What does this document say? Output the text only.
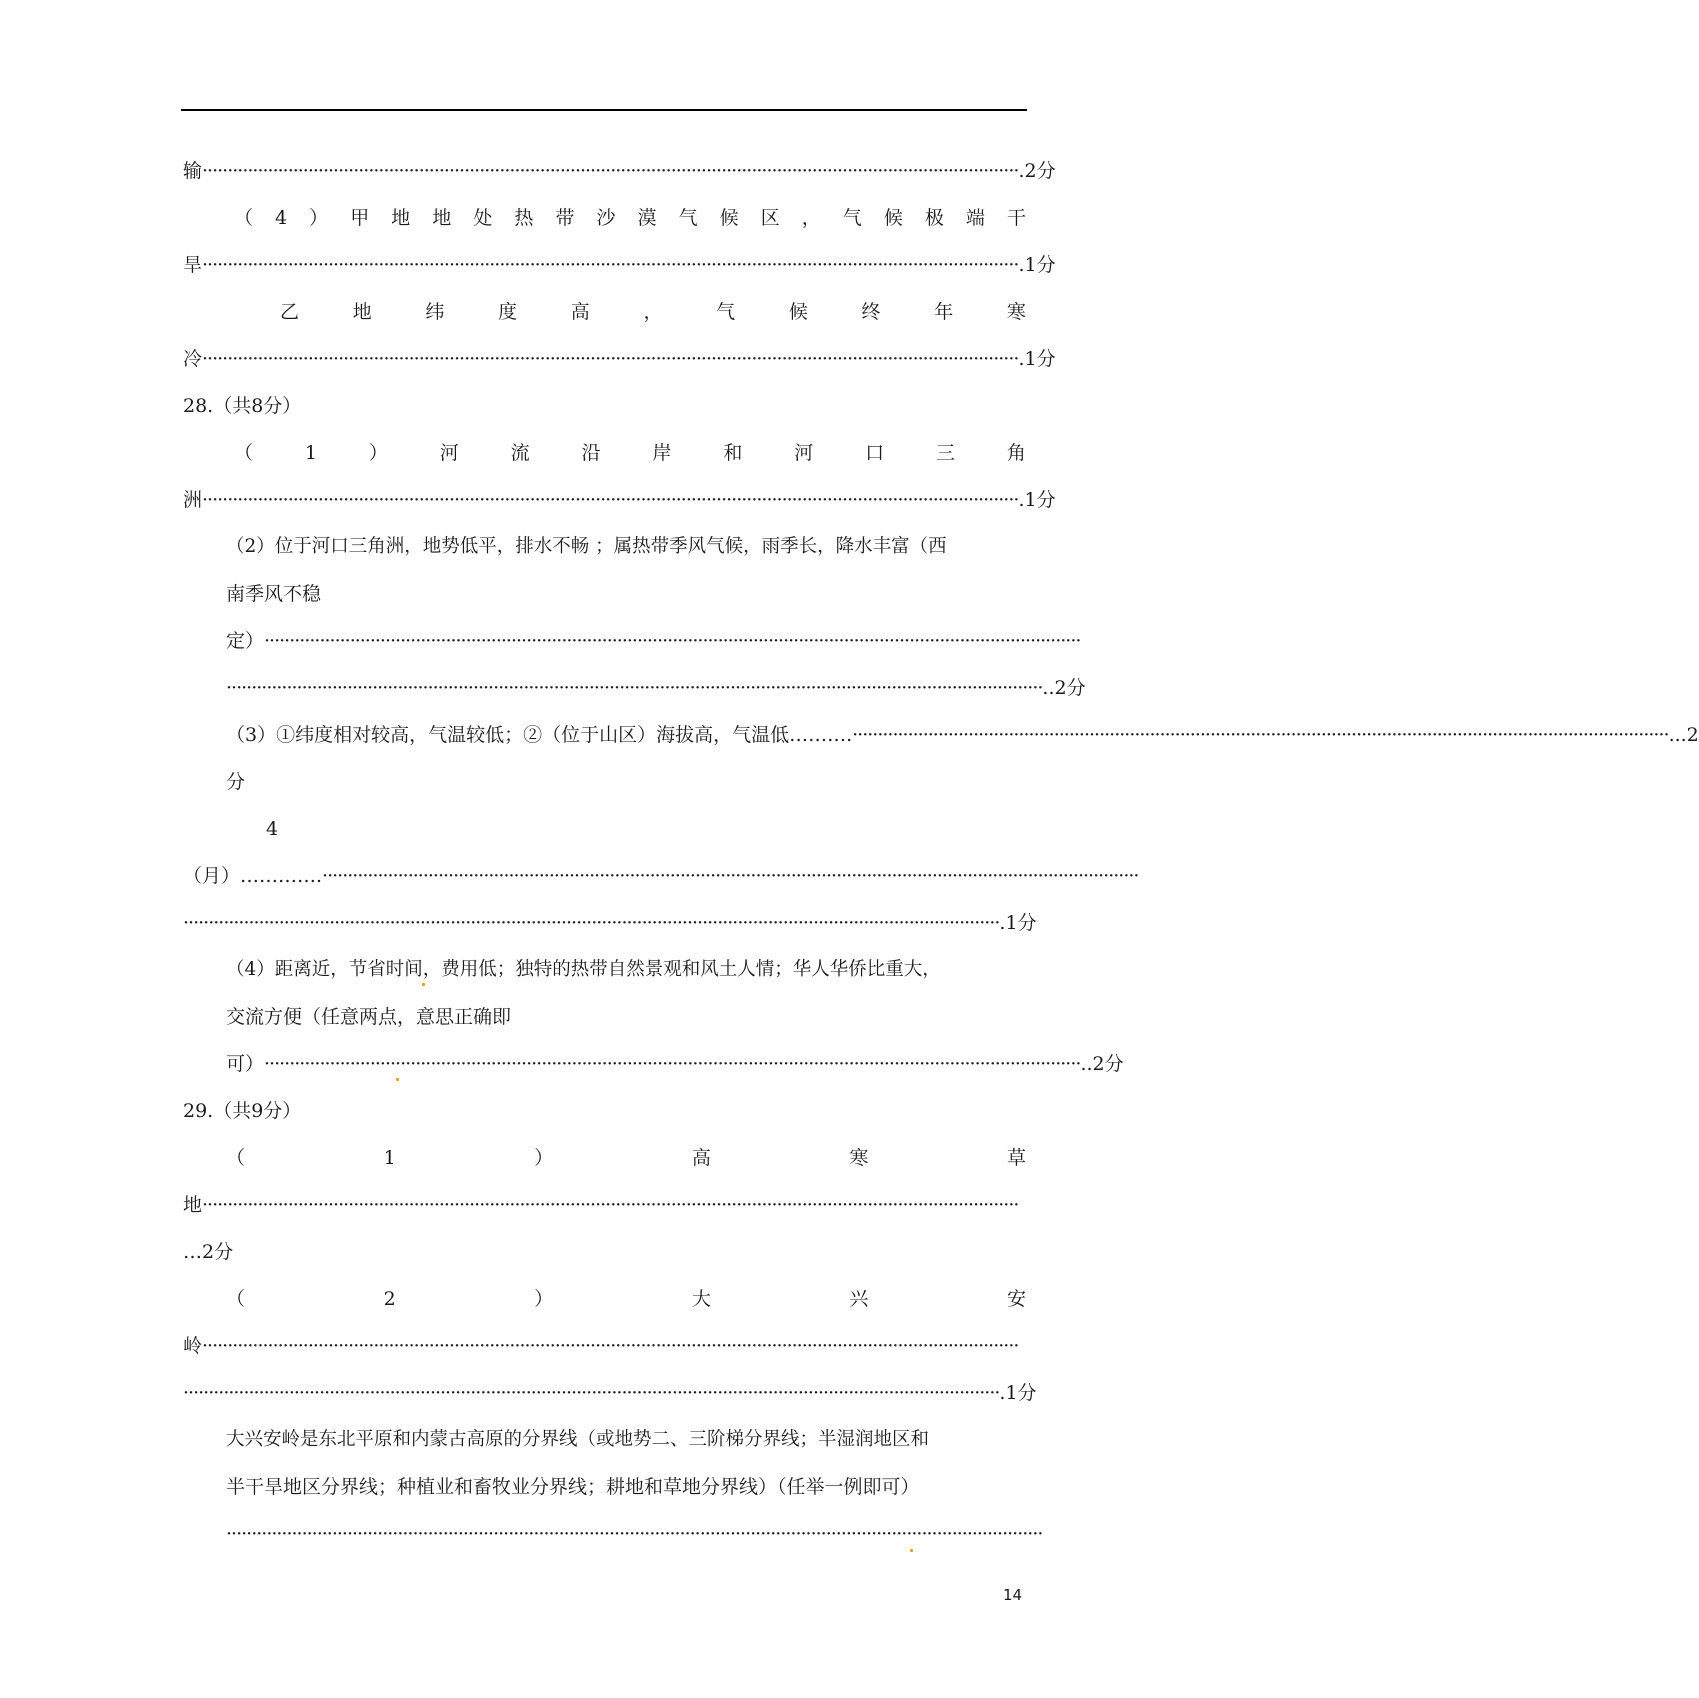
输 ·································································································································································· .2分
（ 4 ） 甲 地 地 处 热 带 沙 漠 气 候 区 ， 气 候 极 端 干
旱 ·································································································································································· .1分
乙	地	纬	度	高	，	气	候	终	年	寒
冷 ·································································································································································· .1分
28.（共8分）
（	1	）	河	流	沿	岸	和	河	口	三	角
洲 ·································································································································································· .1分
（2）位于河口三角洲，地势低平，排水不畅 ；属热带季风气候，雨季长，降水丰富（西
南季风不稳
定） ··································································································································································
·································································································································································· ..2分
（3）①纬度相对较高，气温较低；②（位于山区）海拔高，气温低………. ·································································································································································· ...2
分
4
（月）…………. ··································································································································································
·································································································································································· .1分
（4）距离近，节省时间，费用低；独特的热带自然景观和风土人情；华人华侨比重大，
交流方便（任意两点，意思正确即
可） ·································································································································································· ..2分
29.（共9分）
（	1	）	高	寒	草
地 ··································································································································································
…2分
（	2	）	大	兴	安
岭 ··································································································································································
·································································································································································· .1分
大兴安岭是东北平原和内蒙古高原的分界线（或地势二、三阶梯分界线；半湿润地区和
半干旱地区分界线；种植业和畜牧业分界线；耕地和草地分界线）（任举一例即可）
··································································································································································
14
